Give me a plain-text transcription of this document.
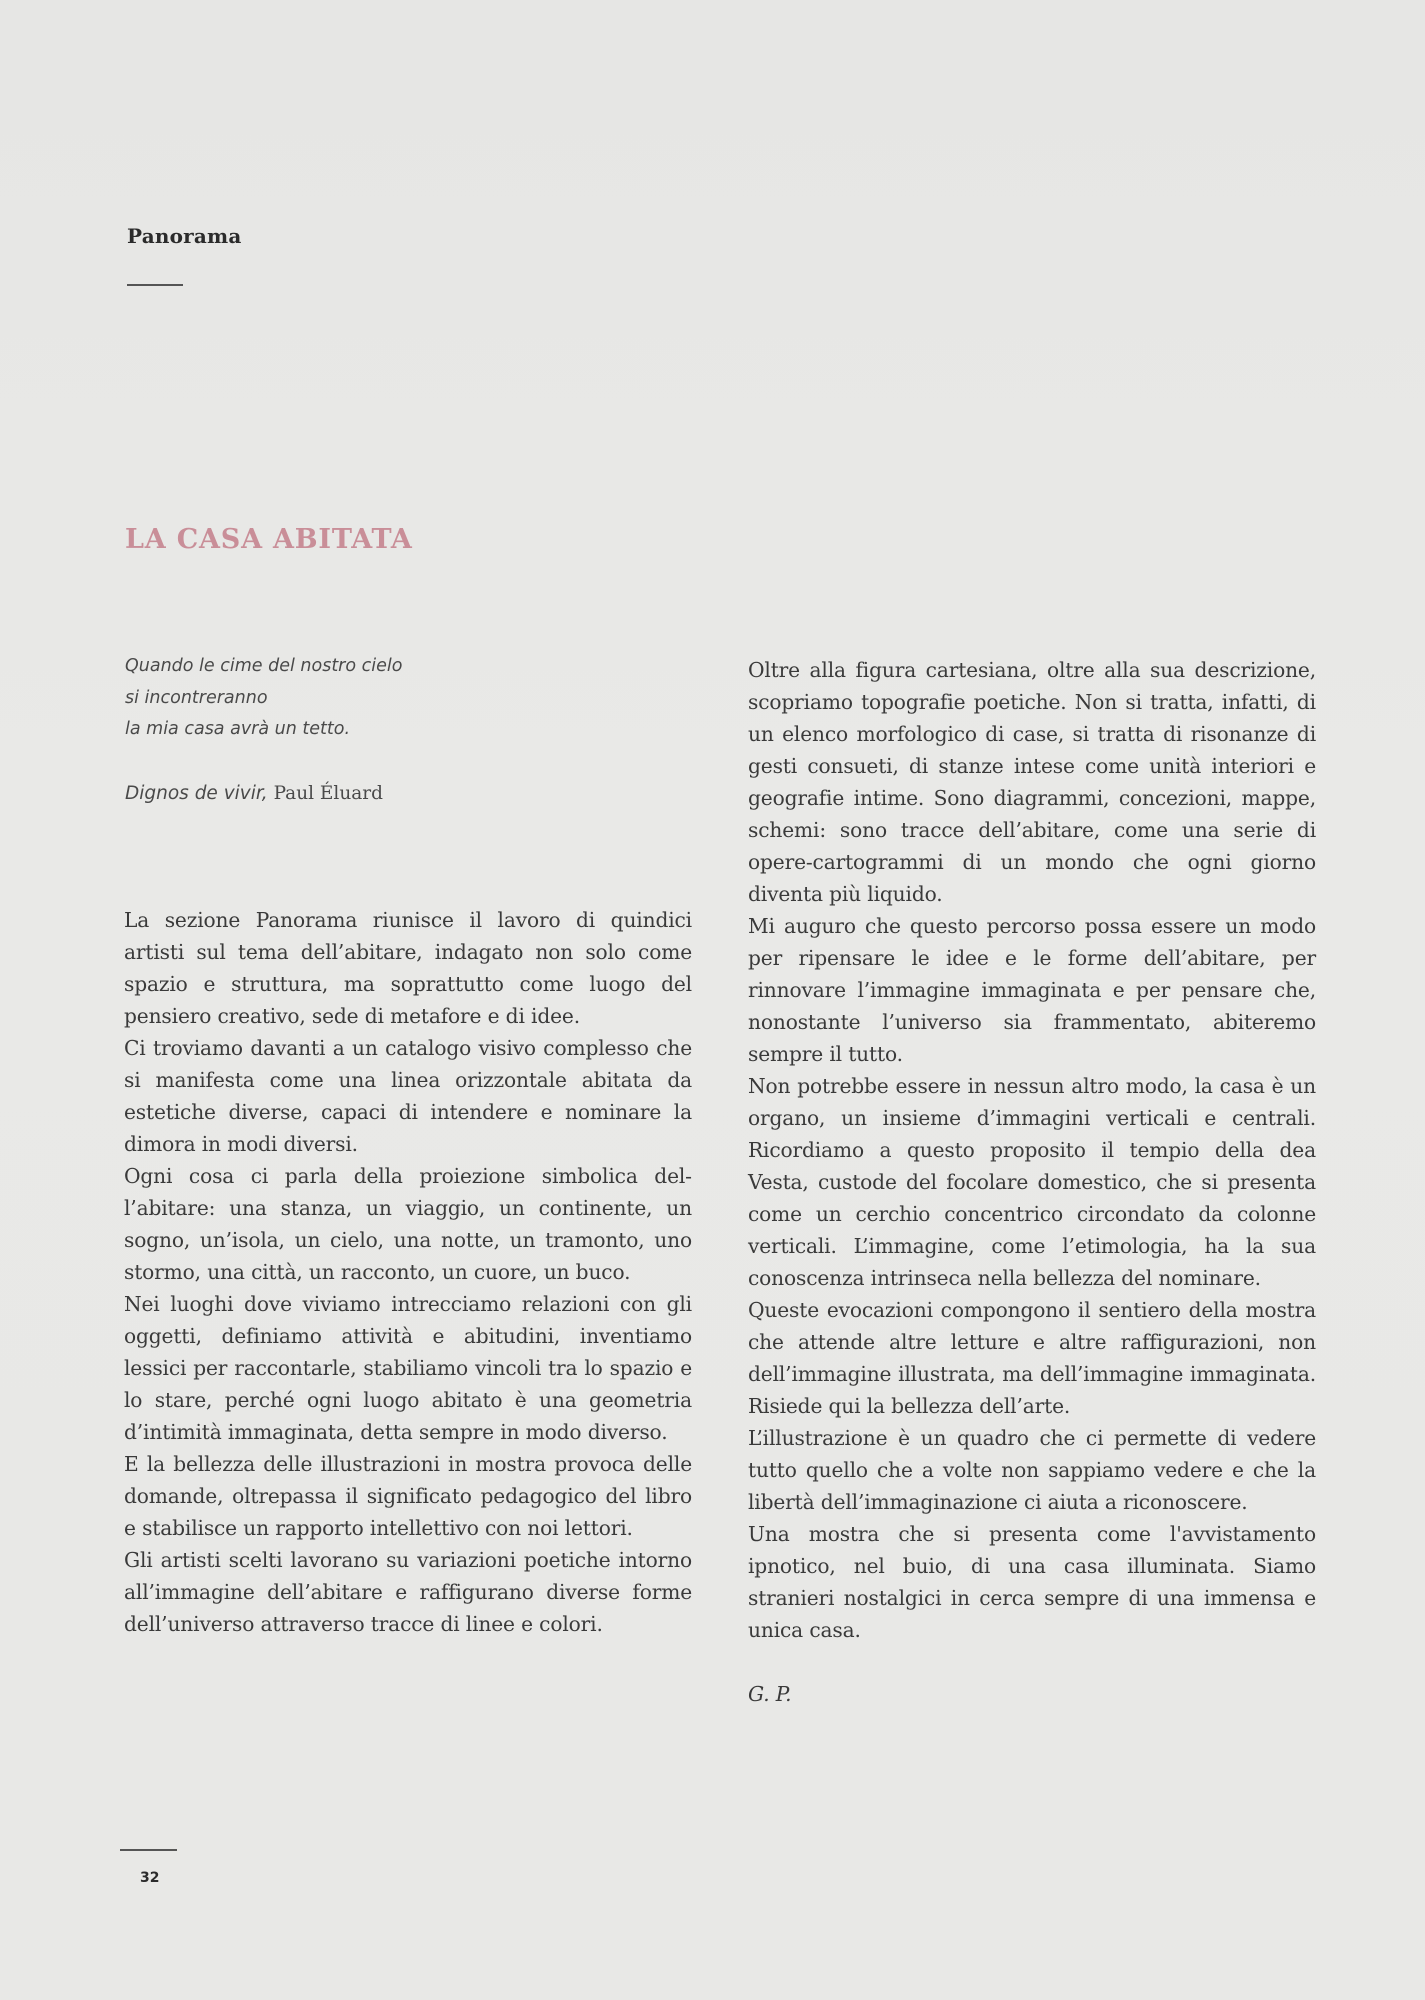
Panorama
LA CASA ABITATA
Quando le cime del nostro cielo
si incontreranno
la mia casa avrà un tetto.
Dignos de vivir, Paul Éluard

La sezione Panorama riunisce il lavoro di quindici artisti sul tema dell’abitare, indagato non solo come spazio e struttura, ma soprattutto come luogo del pensiero creativo, sede di metafore e di idee.

Ci troviamo davanti a un catalogo visivo complesso che si manifesta come una linea orizzontale abitata da estetiche diverse, capaci di intendere e nominare la dimora in modi diversi.

Ogni cosa ci parla della proiezione simbolica dell’abitare: una stanza, un viaggio, un continente, un sogno, un’isola, un cielo, una notte, un tramonto, uno stormo, una città, un racconto, un cuore, un buco.

Nei luoghi dove viviamo intrecciamo relazioni con gli oggetti, definiamo attività e abitudini, inventiamo lessici per raccontarle, stabiliamo vincoli tra lo spazio e lo stare, perché ogni luogo abitato è una geometria d’intimità immaginata, detta sempre in modo diverso.

E la bellezza delle illustrazioni in mostra provoca delle domande, oltrepassa il significato pedagogico del libro e stabilisce un rapporto intellettivo con noi lettori.

Gli artisti scelti lavorano su variazioni poetiche intorno all’immagine dell’abitare e raffigurano diverse forme dell’universo attraverso tracce di linee e colori.

Oltre alla figura cartesiana, oltre alla sua descrizione, scopriamo topografie poetiche. Non si tratta, infatti, di un elenco morfologico di case, si tratta di risonanze di gesti consueti, di stanze intese come unità interiori e geografie intime. Sono diagrammi, concezioni, mappe, schemi: sono tracce dell’abitare, come una serie di opere-cartogrammi di un mondo che ogni giorno diventa più liquido.

Mi auguro che questo percorso possa essere un modo per ripensare le idee e le forme dell’abitare, per rinnovare l’immagine immaginata e per pensare che, nonostante l’universo sia frammentato, abiteremo sempre il tutto.

Non potrebbe essere in nessun altro modo, la casa è un organo, un insieme d’immagini verticali e centrali. Ricordiamo a questo proposito il tempio della dea Vesta, custode del focolare domestico, che si presenta come un cerchio concentrico circondato da colonne verticali. L’immagine, come l’etimologia, ha la sua conoscenza intrinseca nella bellezza del nominare.

Queste evocazioni compongono il sentiero della mostra che attende altre letture e altre raffigurazioni, non dell’immagine illustrata, ma dell’immagine immaginata. Risiede qui la bellezza dell’arte.

L’illustrazione è un quadro che ci permette di vedere tutto quello che a volte non sappiamo vedere e che la libertà dell’immaginazione ci aiuta a riconoscere.

Una mostra che si presenta come l'avvistamento ipnotico, nel buio, di una casa illuminata. Siamo stranieri nostalgici in cerca sempre di una immensa e unica casa.

G. P.

32
